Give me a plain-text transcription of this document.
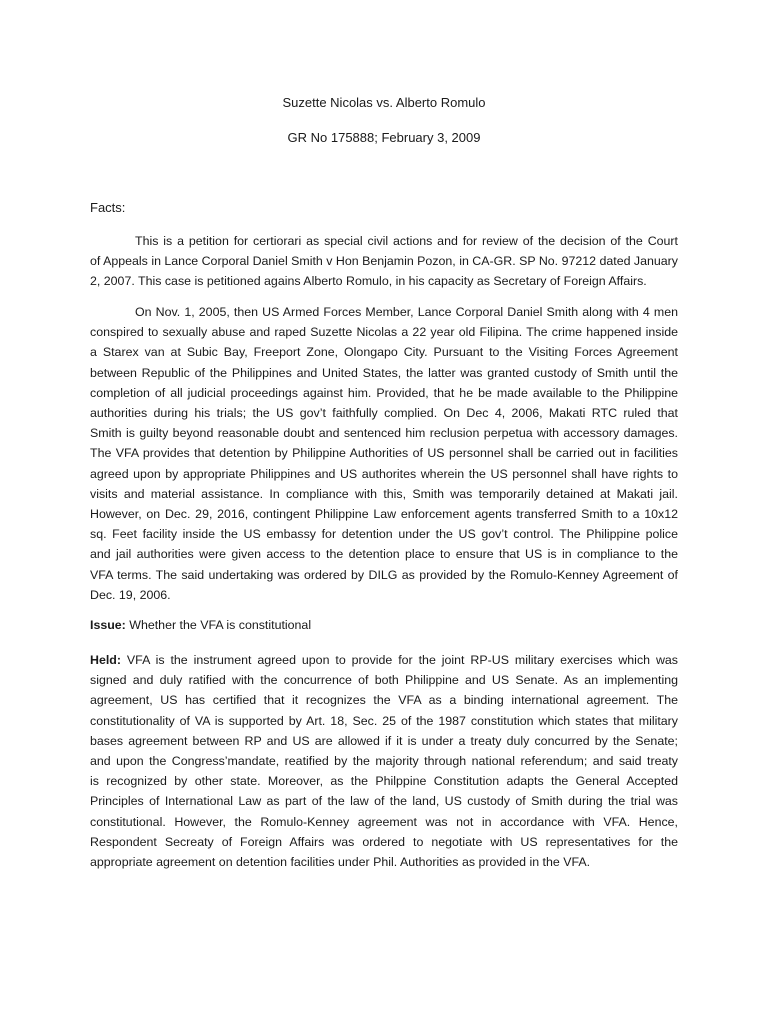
Suzette Nicolas vs. Alberto Romulo

GR No 175888; February 3, 2009

Facts:

This is a petition for certiorari as special civil actions and for review of the decision of the Court
of Appeals in Lance Corporal Daniel Smith v Hon Benjamin Pozon, in CA-GR. SP No. 97212 dated January
2, 2007. This case is petitioned agains Alberto Romulo, in his capacity as Secretary of Foreign Affairs.
On Nov. 1, 2005, then US Armed Forces Member, Lance Corporal Daniel Smith along with 4 men
conspired to sexually abuse and raped Suzette Nicolas a 22 year old Filipina. The crime happened inside
a Starex van at Subic Bay, Freeport Zone, Olongapo City. Pursuant to the Visiting Forces Agreement
between Republic of the Philippines and United States, the latter was granted custody of Smith until the
completion of all judicial proceedings against him. Provided, that he be made available to the Philippine
authorities during his trials; the US gov’t faithfully complied. On Dec 4, 2006, Makati RTC ruled that
Smith is guilty beyond reasonable doubt and sentenced him reclusion perpetua with accessory damages.
The VFA provides that detention by Philippine Authorities of US personnel shall be carried out in facilities
agreed upon by appropriate Philippines and US authorites wherein the US personnel shall have rights to
visits and material assistance. In compliance with this, Smith was temporarily detained at Makati jail.
However, on Dec. 29, 2016, contingent Philippine Law enforcement agents transferred Smith to a 10x12
sq. Feet facility inside the US embassy for detention under the US gov’t control. The Philippine police
and jail authorities were given access to the detention place to ensure that US is in compliance to the
VFA terms. The said undertaking was ordered by DILG as provided by the Romulo-Kenney Agreement of
Dec. 19, 2006.
Issue: Whether the VFA is constitutional
Held: VFA is the instrument agreed upon to provide for the joint RP-US military exercises which was
signed and duly ratified with the concurrence of both Philippine and US Senate. As an implementing
agreement, US has certified that it recognizes the VFA as a binding international agreement. The
constitutionality of VA is supported by Art. 18, Sec. 25 of the 1987 constitution which states that military
bases agreement between RP and US are allowed if it is under a treaty duly concurred by the Senate;
and upon the Congress’mandate, reatified by the majority through national referendum; and said treaty
is recognized by other state. Moreover, as the Philppine Constitution adapts the General Accepted
Principles of International Law as part of the law of the land, US custody of Smith during the trial was
constitutional. However, the Romulo-Kenney agreement was not in accordance with VFA. Hence,
Respondent Secreaty of Foreign Affairs was ordered to negotiate with US representatives for the
appropriate agreement on detention facilities under Phil. Authorities as provided in the VFA.
